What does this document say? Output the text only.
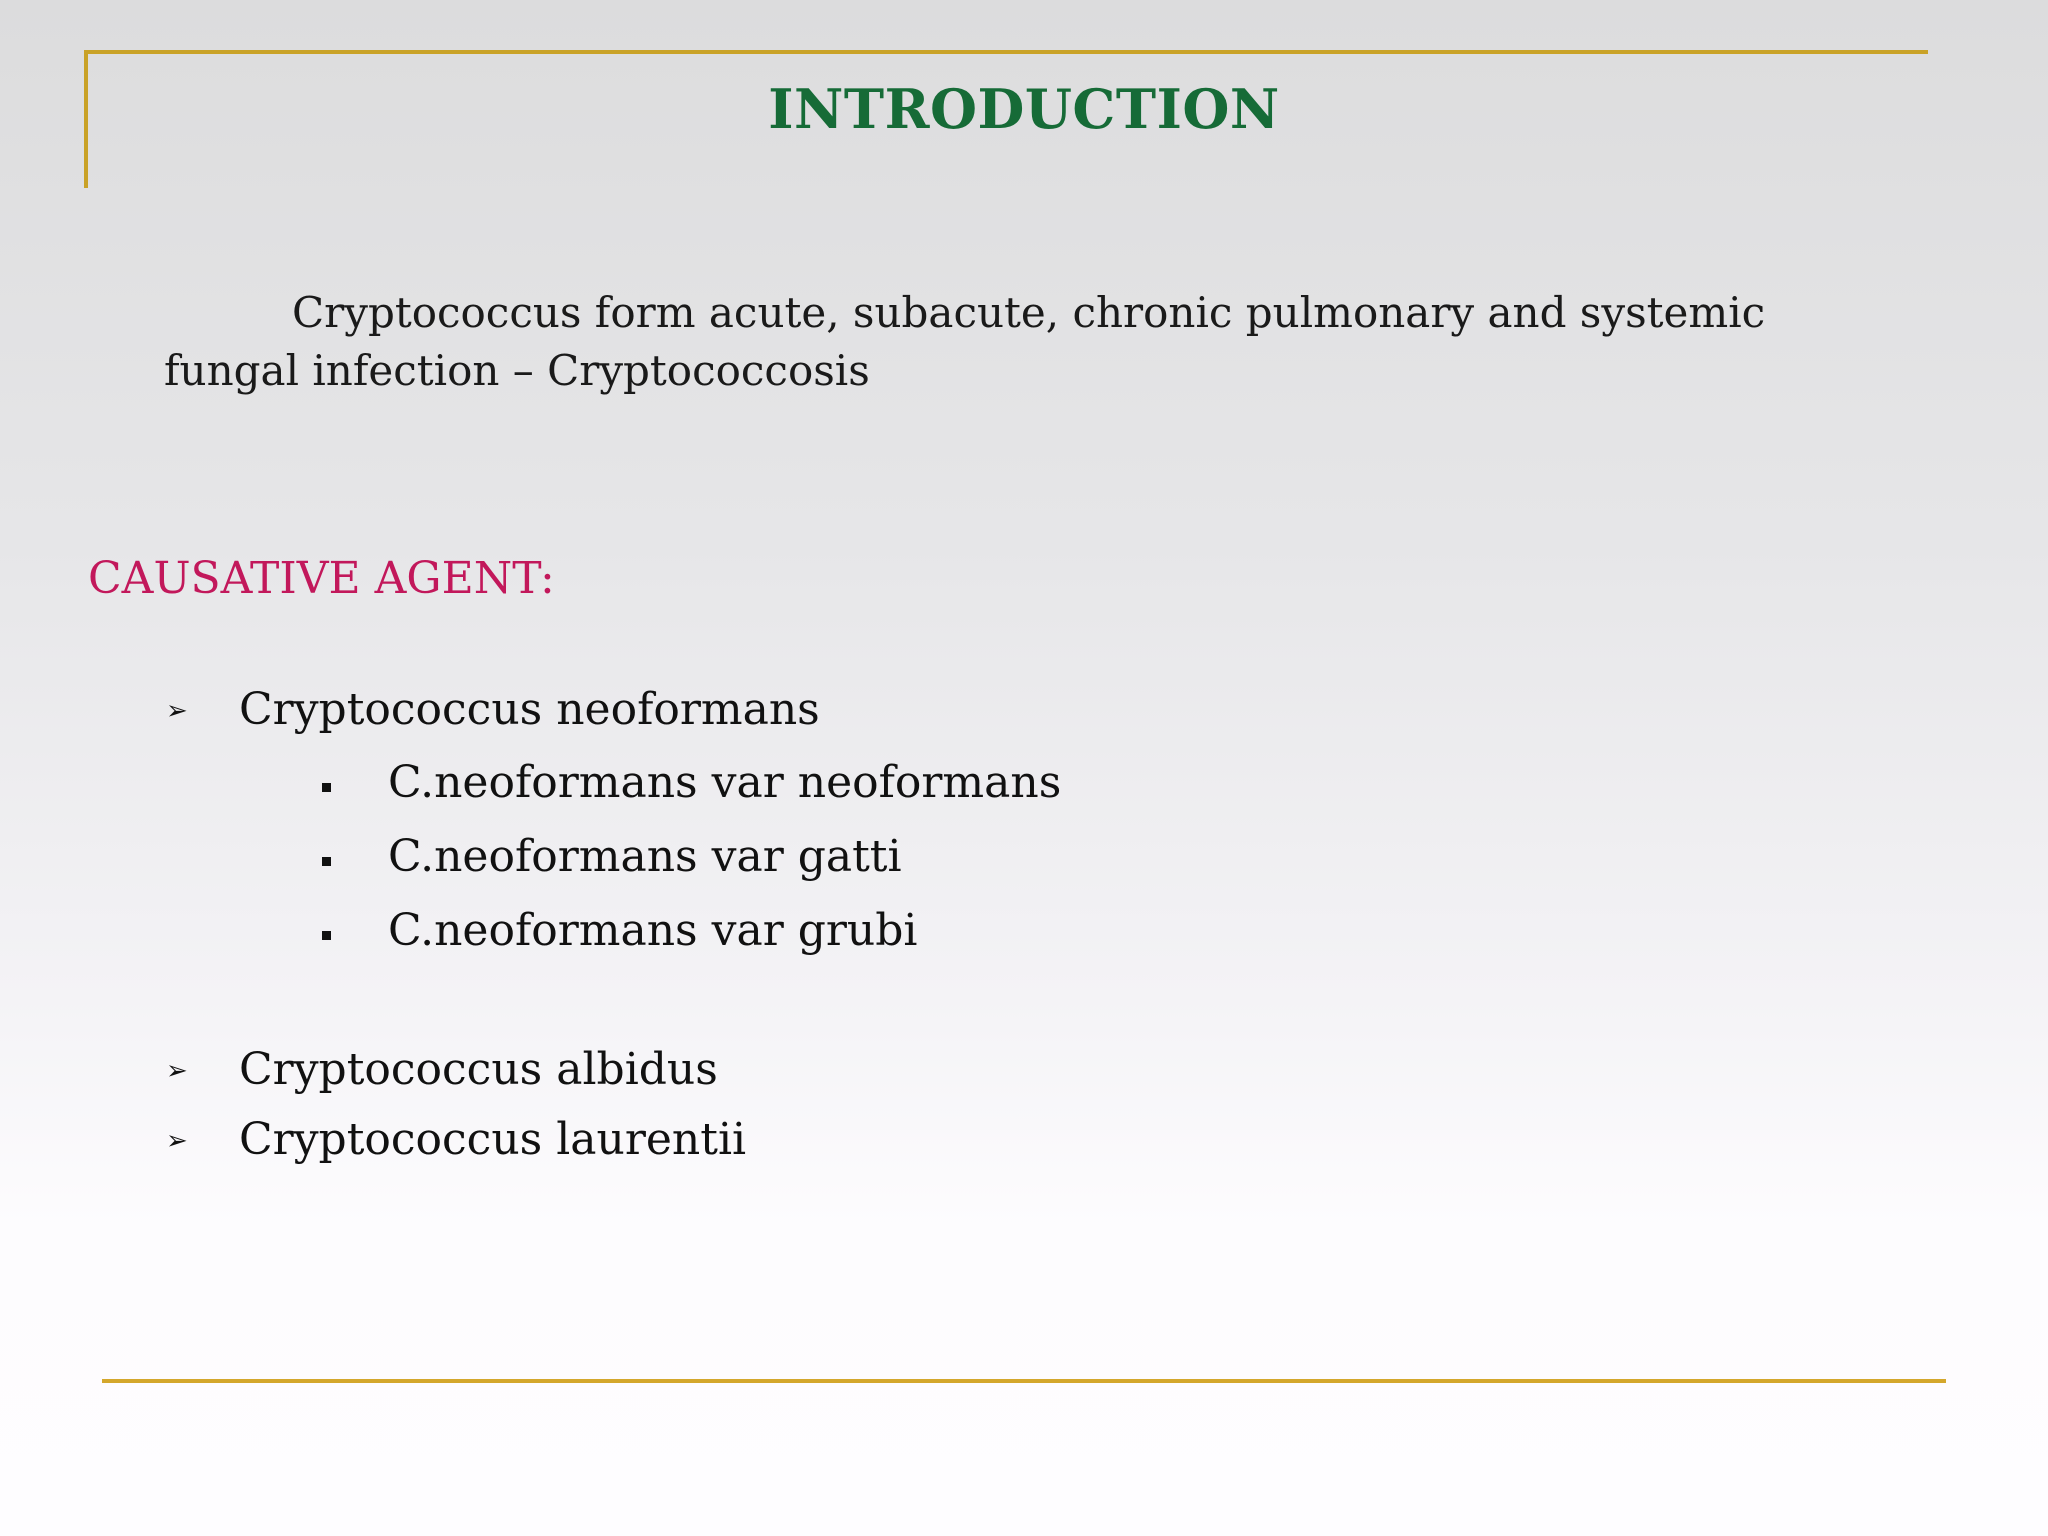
INTRODUCTION
Cryptococcus form acute, subacute, chronic pulmonary and systemic fungal infection – Cryptococcosis
CAUSATIVE AGENT:
➢ Cryptococcus neoformans
C.neoformans var neoformans
C.neoformans var gatti
C.neoformans var grubi
➢ Cryptococcus albidus
➢ Cryptococcus laurentii
